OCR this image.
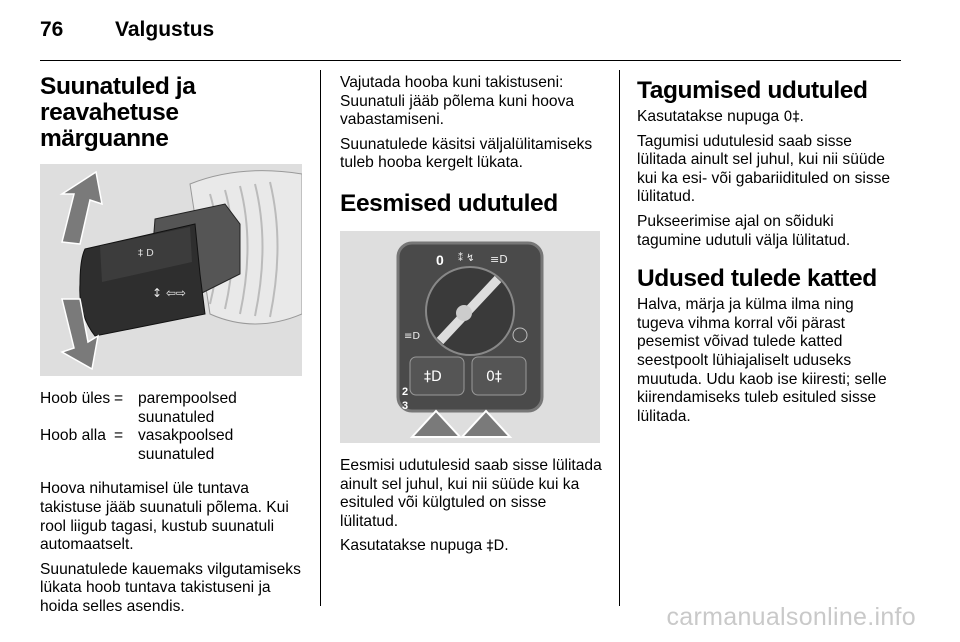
76 Valgustus
Suunatuled ja reavahetuse märguanne
‡ D
↕ ⇦⇨
Hoob üles	=	parempoolsed suunatuled
Hoob alla	=	vasakpoolsed suunatuled

Hoova nihutamisel üle tuntava takistuse jääb suunatuli põlema. Kui rool liigub tagasi, kustub suunatuli automaatselt.

Suunatulede kauemaks vilgutamiseks lükata hoob tuntava takistuseni ja hoida selles asendis.

Vajutada hooba kuni takistuseni: Suunatuli jääb põlema kuni hoova vabastamiseni.

Suunatulede käsitsi väljalülitamiseks tuleb hooba kergelt lükata.

Eesmised udutuled
0 ⁑ ↯ ≡D
≡D
‡D	0‡
2
3

Eesmisi udutulesid saab sisse lülitada ainult sel juhul, kui nii süüde kui ka esituled või külgtuled on sisse lülitatud.

Kasutatakse nupuga ‡D.

Tagumised udutuled

Kasutatakse nupuga 0‡.

Tagumisi udutulesid saab sisse lülitada ainult sel juhul, kui nii süüde kui ka esi- või gabariidituled on sisse lülitatud.

Pukseerimise ajal on sõiduki tagumine udutuli välja lülitatud.

Udused tulede katted

Halva, märja ja külma ilma ning tugeva vihma korral või pärast pesemist võivad tulede katted seestpoolt lühiajaliselt uduseks muutuda. Udu kaob ise kiiresti; selle kiirendamiseks tuleb esituled sisse lülitada.

carmanualsonline.info
